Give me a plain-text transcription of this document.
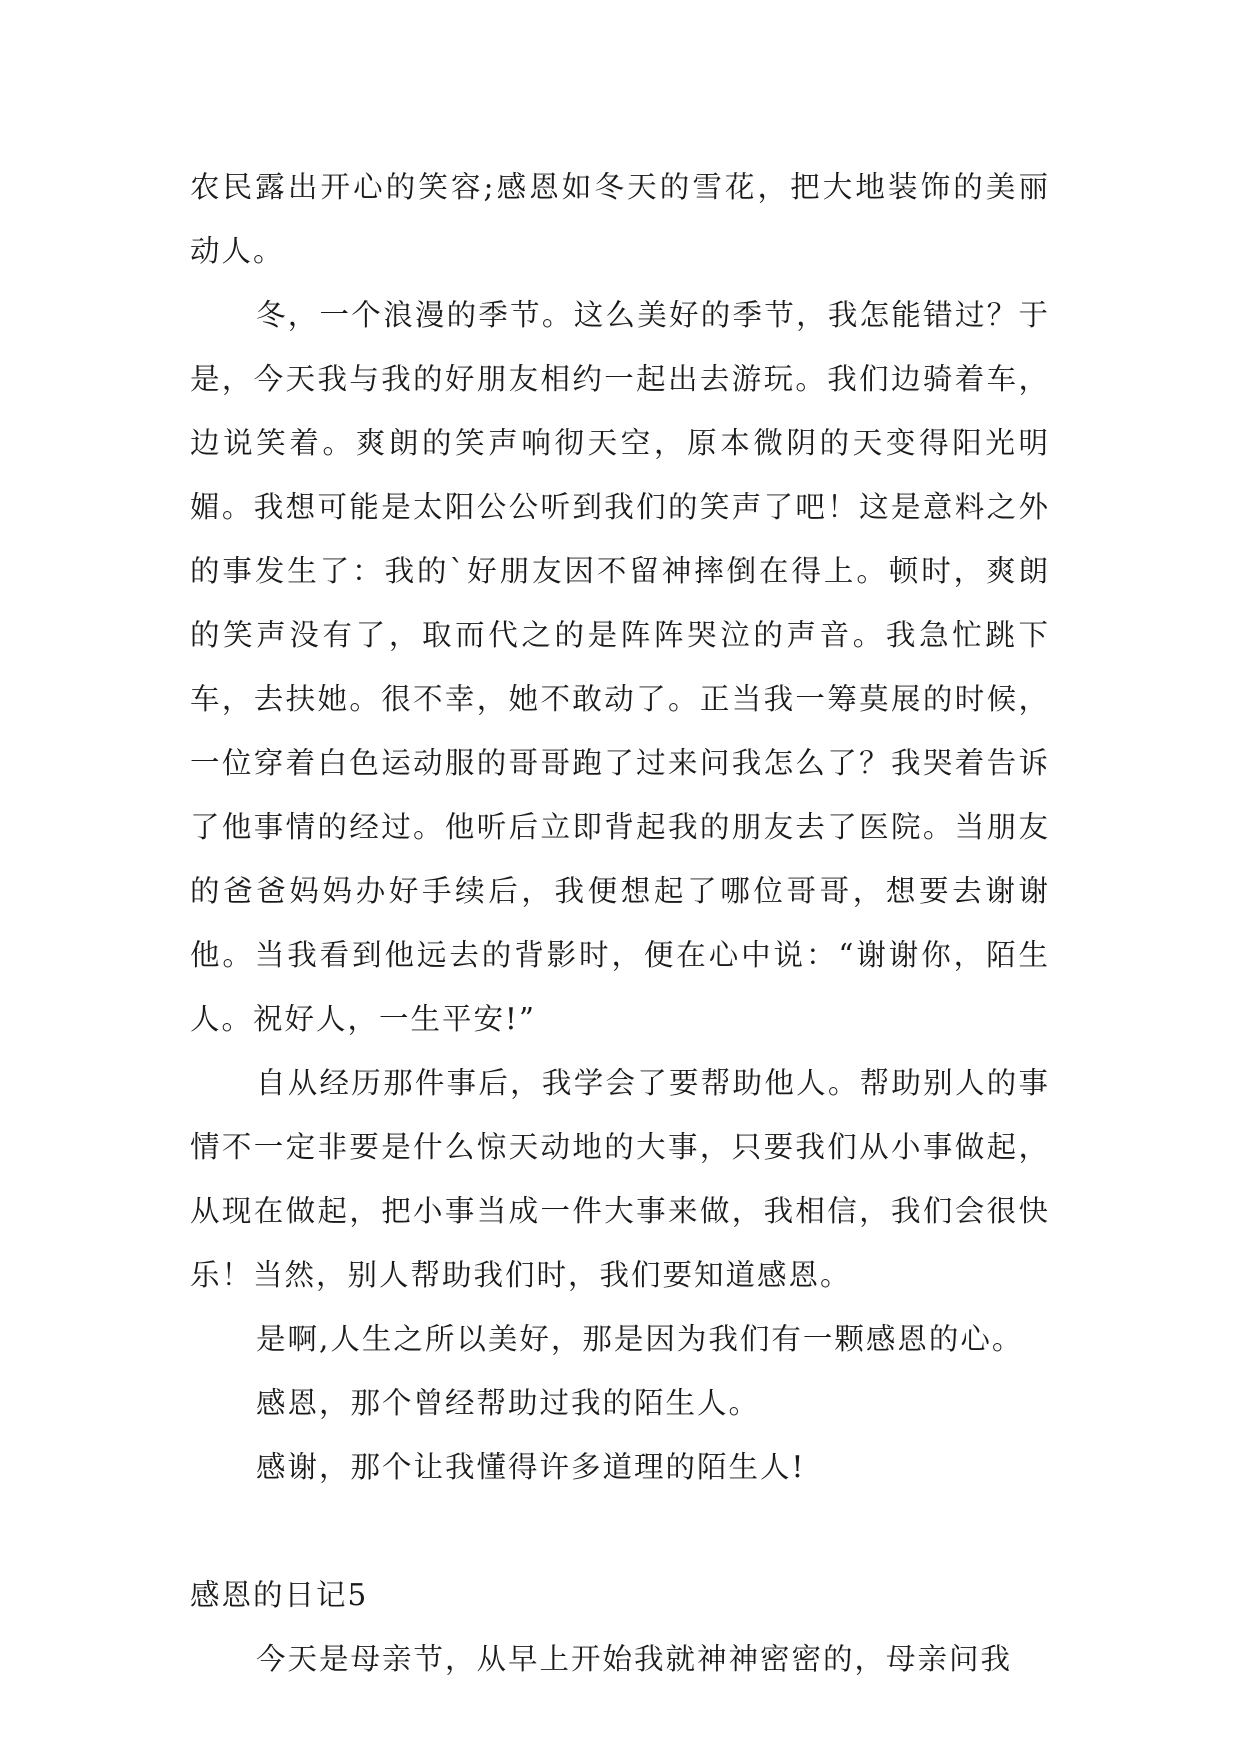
农民露出开心的笑容;感恩如冬天的雪花，把大地装饰的美丽动人。

冬，一个浪漫的季节。这么美好的季节，我怎能错过？于是，今天我与我的好朋友相约一起出去游玩。我们边骑着车，边说笑着。爽朗的笑声响彻天空，原本微阴的天变得阳光明媚。我想可能是太阳公公听到我们的笑声了吧！这是意料之外的事发生了：我的`好朋友因不留神摔倒在得上。顿时，爽朗的笑声没有了，取而代之的是阵阵哭泣的声音。我急忙跳下车，去扶她。很不幸，她不敢动了。正当我一筹莫展的时候，一位穿着白色运动服的哥哥跑了过来问我怎么了？我哭着告诉了他事情的经过。他听后立即背起我的朋友去了医院。当朋友的爸爸妈妈办好手续后，我便想起了哪位哥哥，想要去谢谢他。当我看到他远去的背影时，便在心中说：“谢谢你，陌生人。祝好人，一生平安!”

自从经历那件事后，我学会了要帮助他人。帮助别人的事情不一定非要是什么惊天动地的大事，只要我们从小事做起，从现在做起，把小事当成一件大事来做，我相信，我们会很快乐！当然，别人帮助我们时，我们要知道感恩。

是啊,人生之所以美好，那是因为我们有一颗感恩的心。

感恩，那个曾经帮助过我的陌生人。

感谢，那个让我懂得许多道理的陌生人!

感恩的日记5

今天是母亲节，从早上开始我就神神密密的，母亲问我
